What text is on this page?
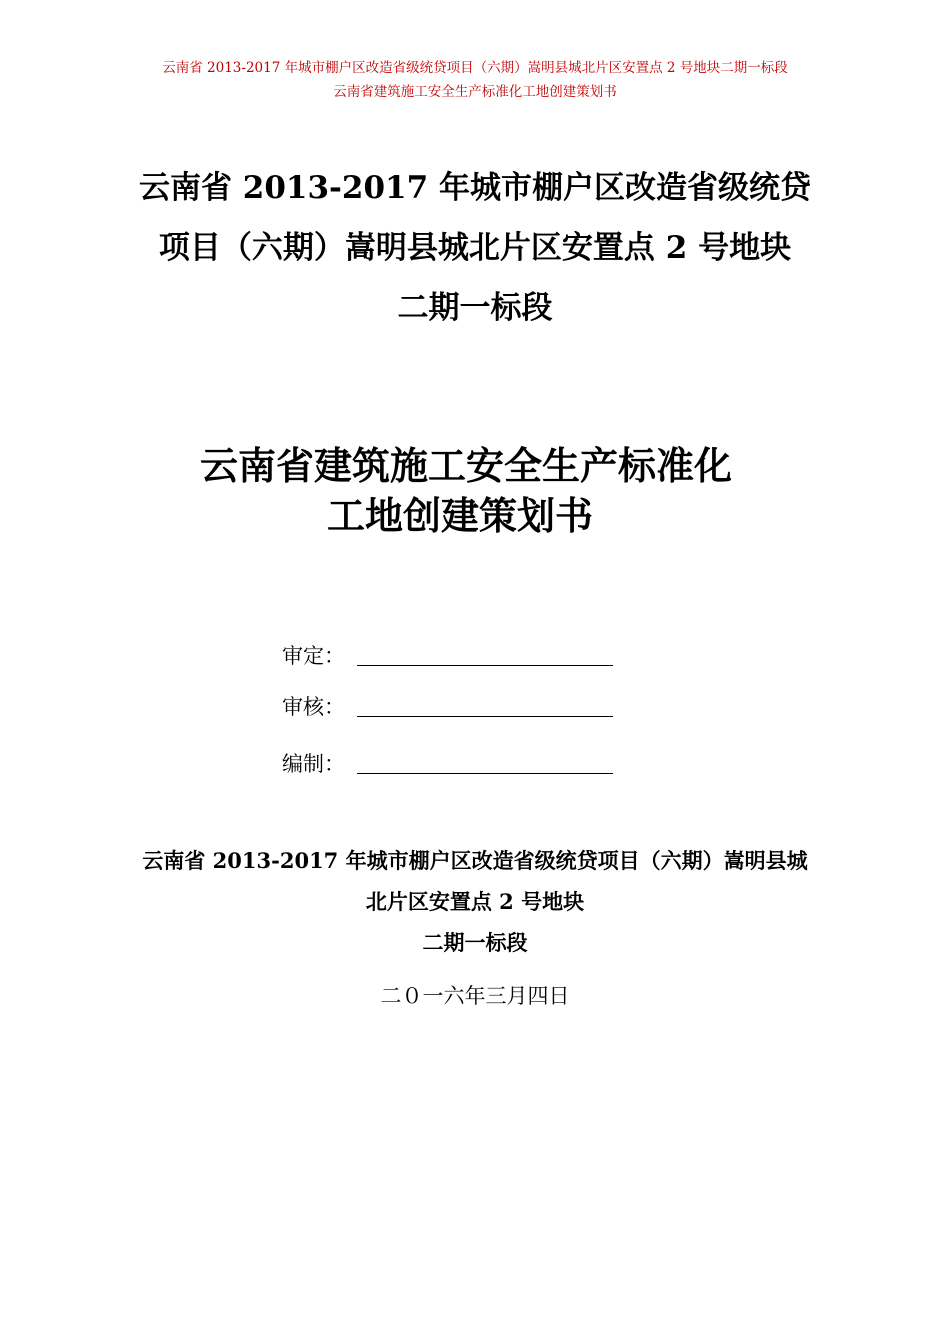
云南省 2013-2017 年城市棚户区改造省级统贷项目（六期）嵩明县城北片区安置点 2 号地块二期一标段
云南省建筑施工安全生产标准化工地创建策划书
云南省 2013-2017 年城市棚户区改造省级统贷
项目（六期）嵩明县城北片区安置点 2 号地块
二期一标段
云南省建筑施工安全生产标准化
工地创建策划书
审定：
审核：
编制：
云南省 2013-2017 年城市棚户区改造省级统贷项目（六期）嵩明县城
北片区安置点 2 号地块
二期一标段
二０一六年三月四日
